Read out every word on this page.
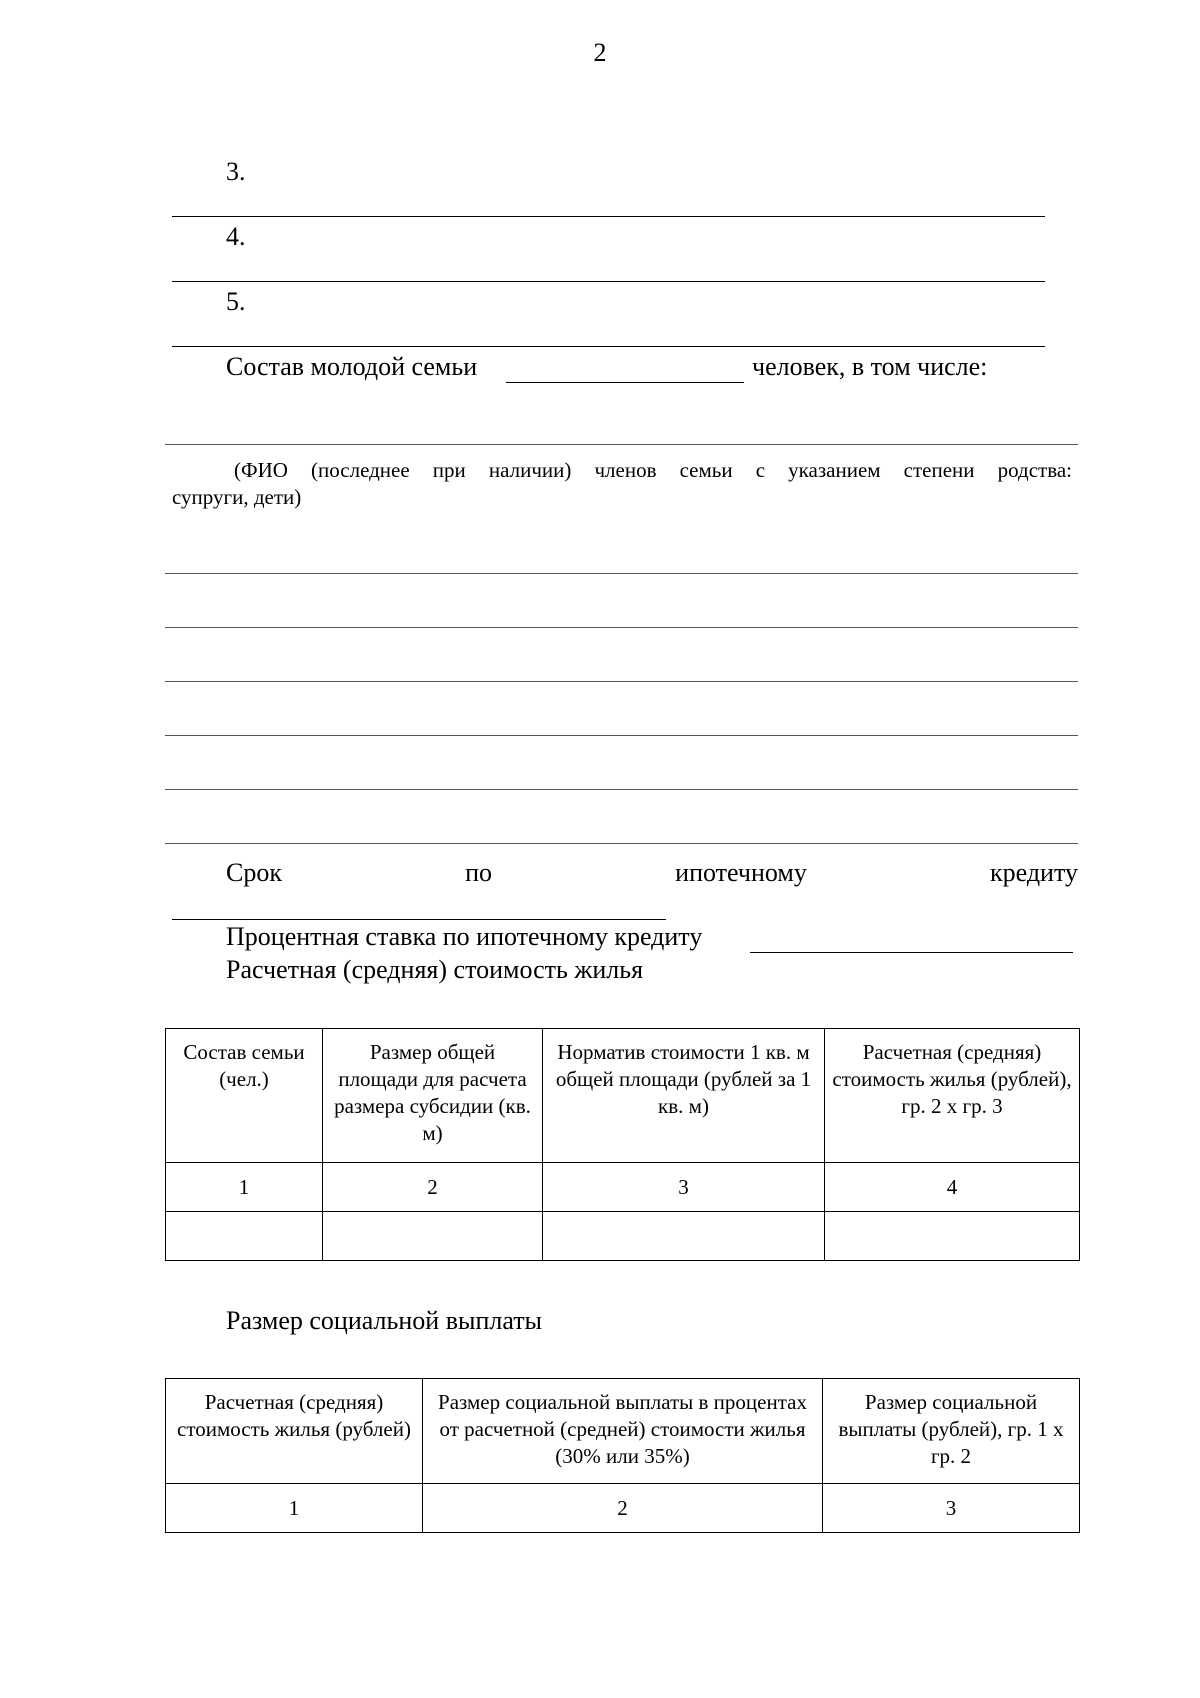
2
3.
4.
5.
Состав молодой семьи	человек, в том числе:
(ФИО (последнее при наличии) членов семьи с указанием степени родства:
супруги, дети)
Срок	по	ипотечному	кредиту
Процентная ставка по ипотечному кредиту
Расчетная (средняя) стоимость жилья
Состав семьи (чел.)	Размер общей площади для расчета размера субсидии (кв. м)	Норматив стоимости 1 кв. м общей площади (рублей за 1 кв. м)	Расчетная (средняя) стоимость жилья (рублей), гр. 2 х гр. 3
1	2	3	4

Размер социальной выплаты
Расчетная (средняя) стоимость жилья (рублей)	Размер социальной выплаты в процентах от расчетной (средней) стоимости жилья (30% или 35%)	Размер социальной выплаты (рублей), гр. 1 х гр. 2
1	2	3
